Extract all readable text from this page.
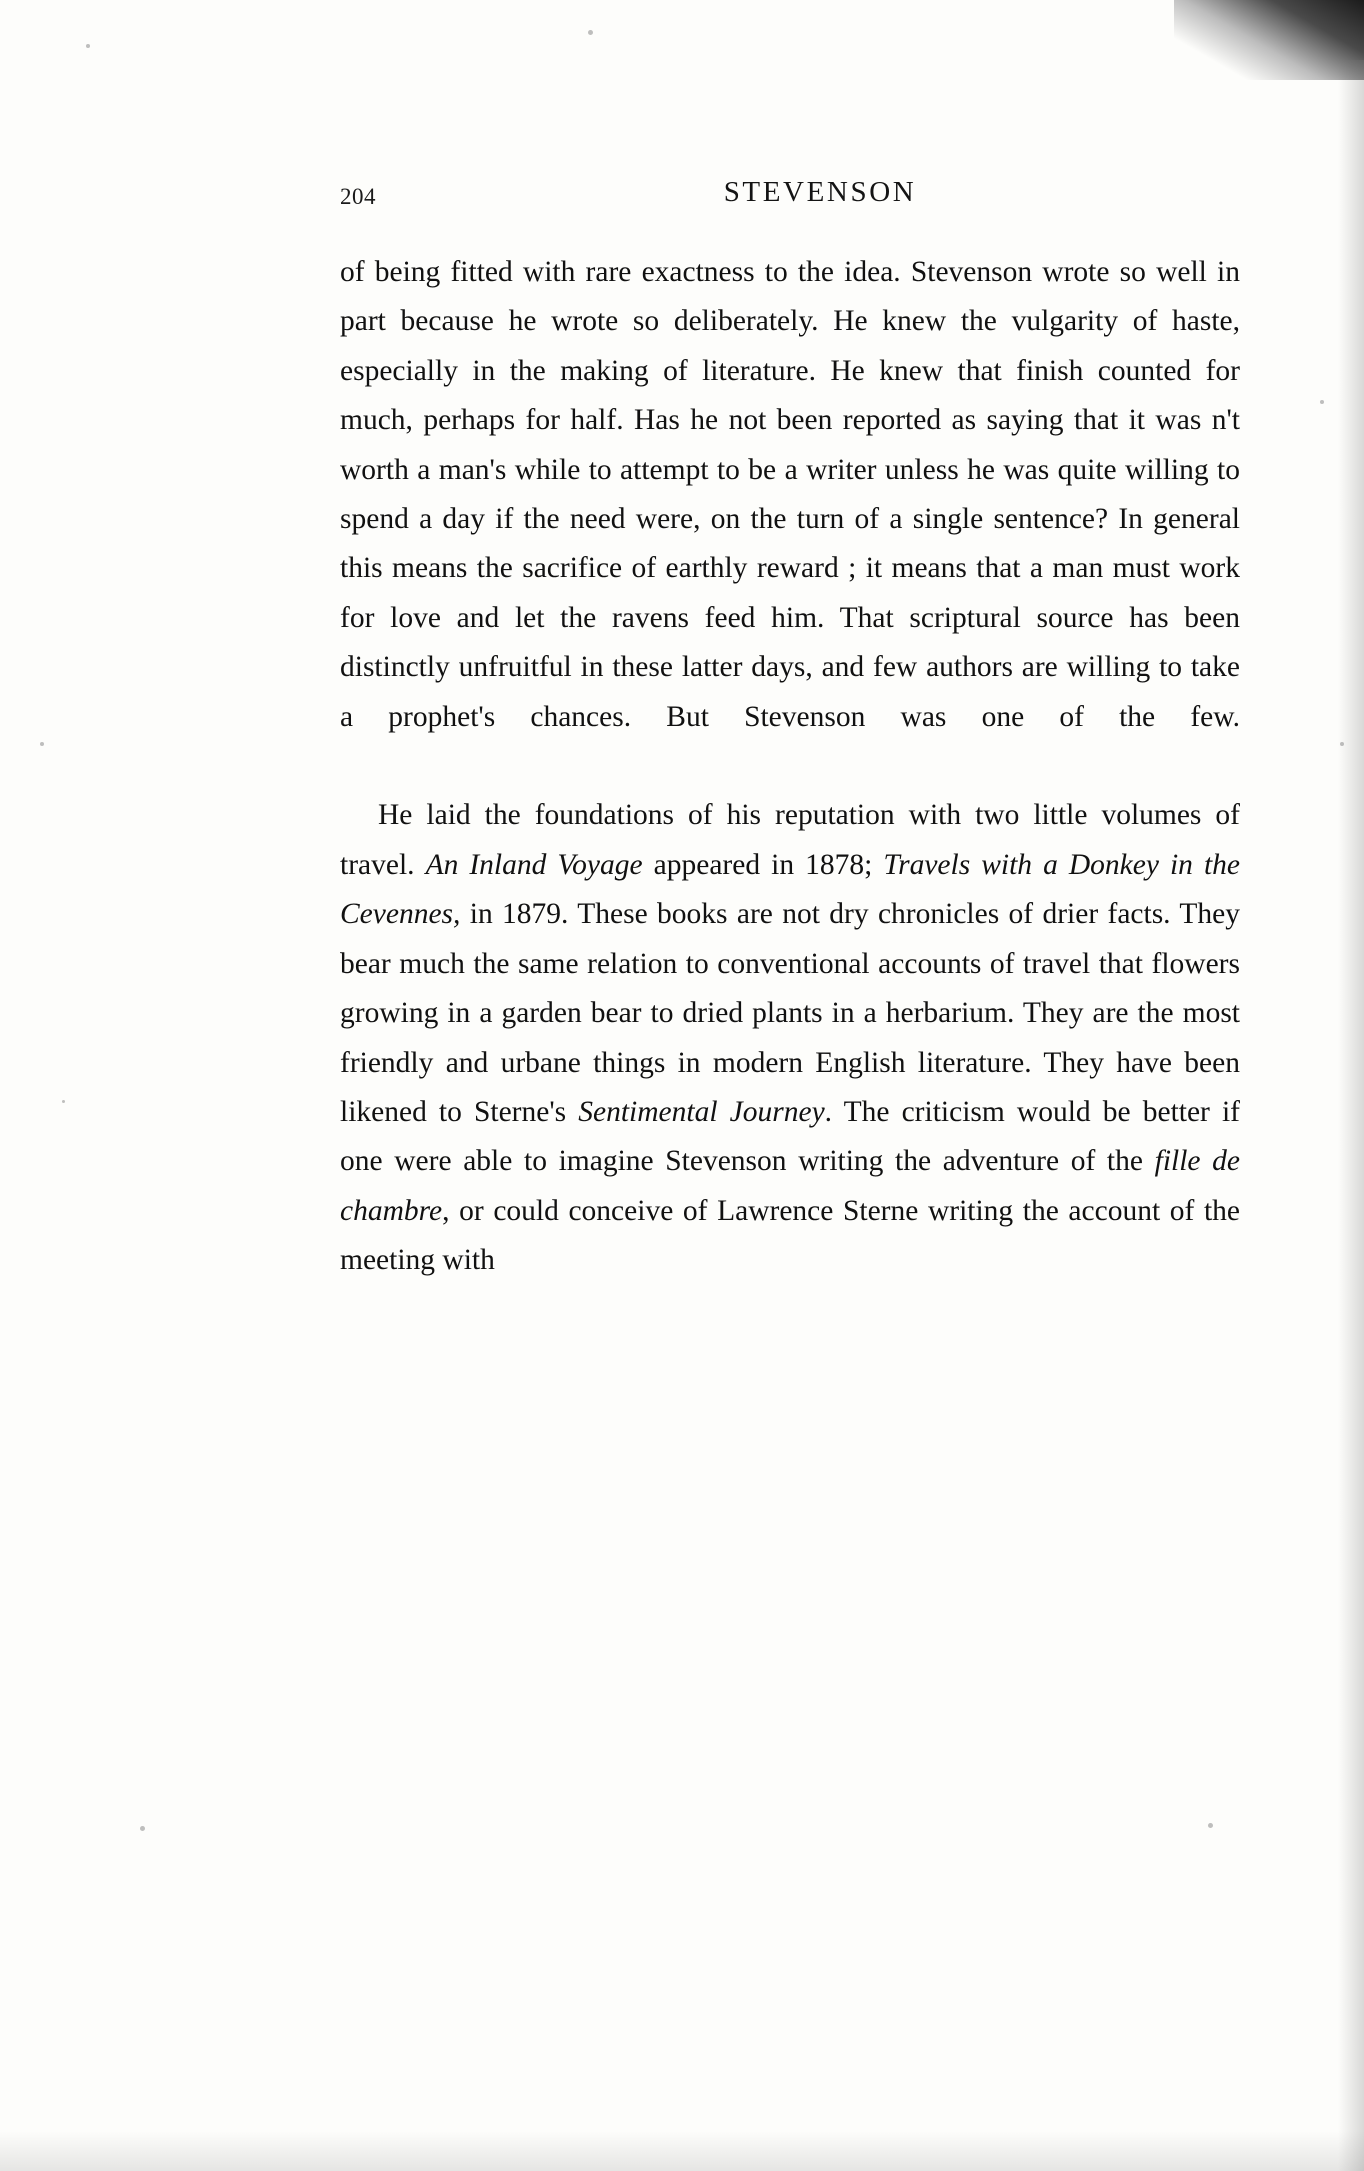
204	STEVENSON

of being fitted with rare exactness to the idea. Stevenson wrote so well in part because he wrote so deliberately. He knew the vulgarity of haste, especially in the making of literature. He knew that finish counted for much, perhaps for half. Has he not been reported as saying that it was n't worth a man's while to attempt to be a writer unless he was quite willing to spend a day if the need were, on the turn of a single sentence? In general this means the sacrifice of earthly reward ; it means that a man must work for love and let the ravens feed him. That scriptural source has been distinctly unfruitful in these latter days, and few authors are willing to take a prophet's chances. But Stevenson was one of the few.

He laid the foundations of his reputation with two little volumes of travel. An Inland Voyage appeared in 1878; Travels with a Donkey in the Cevennes, in 1879. These books are not dry chronicles of drier facts. They bear much the same relation to conventional accounts of travel that flowers growing in a garden bear to dried plants in a herbarium. They are the most friendly and urbane things in modern English literature. They have been likened to Sterne's Sentimental Journey. The criticism would be better if one were able to imagine Stevenson writing the adventure of the fille de chambre, or could conceive of Lawrence Sterne writing the account of the meeting with
